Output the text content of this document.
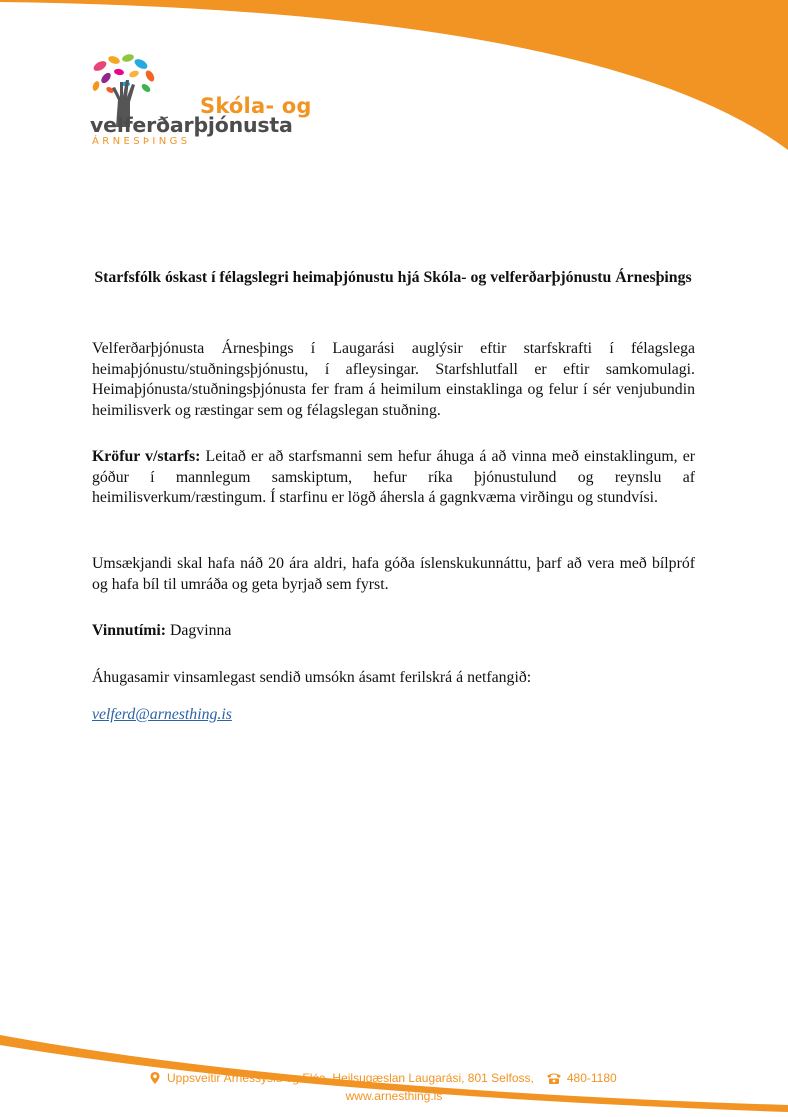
Skóla- og
velferðarþjónusta
ÁRNESÞINGS
Starfsfólk óskast í félagslegri heimaþjónustu hjá Skóla- og velferðarþjónustu Árnesþings
Velferðarþjónusta Árnesþings í Laugarási auglýsir eftir starfskrafti í félagslega heimaþjónustu/stuðningsþjónustu, í afleysingar. Starfshlutfall er eftir samkomulagi. Heimaþjónusta/stuðningsþjónusta fer fram á heimilum einstaklinga og felur í sér venjubundin heimilisverk og ræstingar sem og félagslegan stuðning.
Kröfur v/starfs: Leitað er að starfsmanni sem hefur áhuga á að vinna með einstaklingum, er góður í mannlegum samskiptum, hefur ríka þjónustulund og reynslu af heimilisverkum/ræstingum. Í starfinu er lögð áhersla á gagnkvæma virðingu og stundvísi.
Umsækjandi skal hafa náð 20 ára aldri, hafa góða íslenskukunnáttu, þarf að vera með bílpróf og hafa bíl til umráða og geta byrjað sem fyrst.
Vinnutími: Dagvinna
Áhugasamir vinsamlegast sendið umsókn ásamt ferilskrá á netfangið:
velferd@arnesthing.is
Uppsveitir Árnessýslu og Flóa, Heilsugæslan Laugarási, 801 Selfoss,	480-1180
www.arnesthing.is
